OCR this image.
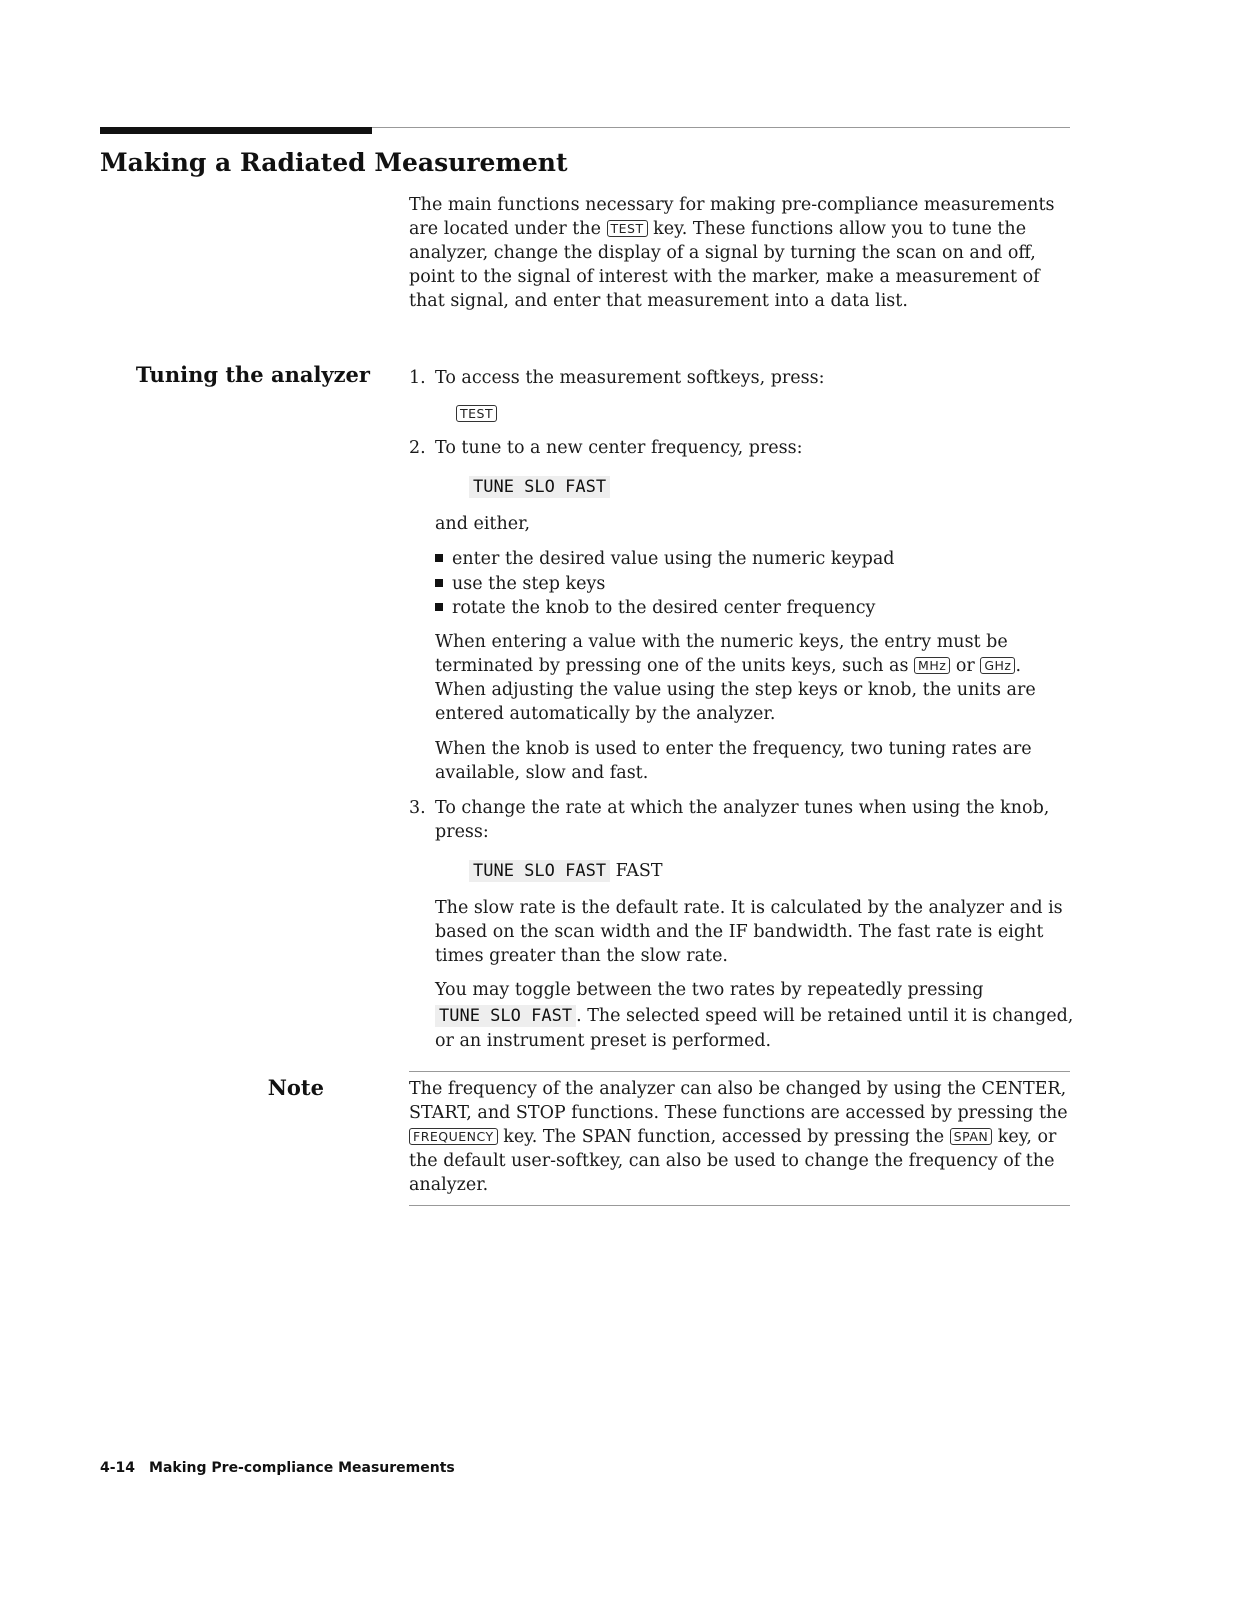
Making a Radiated Measurement

The main functions necessary for making pre-compliance measurements are located under the TEST key. These functions allow you to tune the analyzer, change the display of a signal by turning the scan on and off, point to the signal of interest with the marker, make a measurement of that signal, and enter that measurement into a data list.

Tuning the analyzer 1. To access the measurement softkeys, press:

TEST
2. To tune to a new center frequency, press:

TUNE SLO FAST

and either,

enter the desired value using the numeric keypad
use the step keys
rotate the knob to the desired center frequency

When entering a value with the numeric keys, the entry must be terminated by pressing one of the units keys, such as MHz or GHz . When adjusting the value using the step keys or knob, the units are entered automatically by the analyzer.

When the knob is used to enter the frequency, two tuning rates are available, slow and fast.

3. To change the rate at which the analyzer tunes when using the knob, press:

TUNE SLO FAST FAST

The slow rate is the default rate. It is calculated by the analyzer and is based on the scan width and the IF bandwidth. The fast rate is eight times greater than the slow rate.

You may toggle between the two rates by repeatedly pressing TUNE SLO FAST . The selected speed will be retained until it is changed, or an instrument preset is performed.

Note	The frequency of the analyzer can also be changed by using the CENTER, START, and STOP functions. These functions are accessed by pressing the FREQUENCY key. The SPAN function, accessed by pressing the SPAN key, or the default user-softkey, can also be used to change the frequency of the analyzer.

4-14 Making Pre-compliance Measurements
